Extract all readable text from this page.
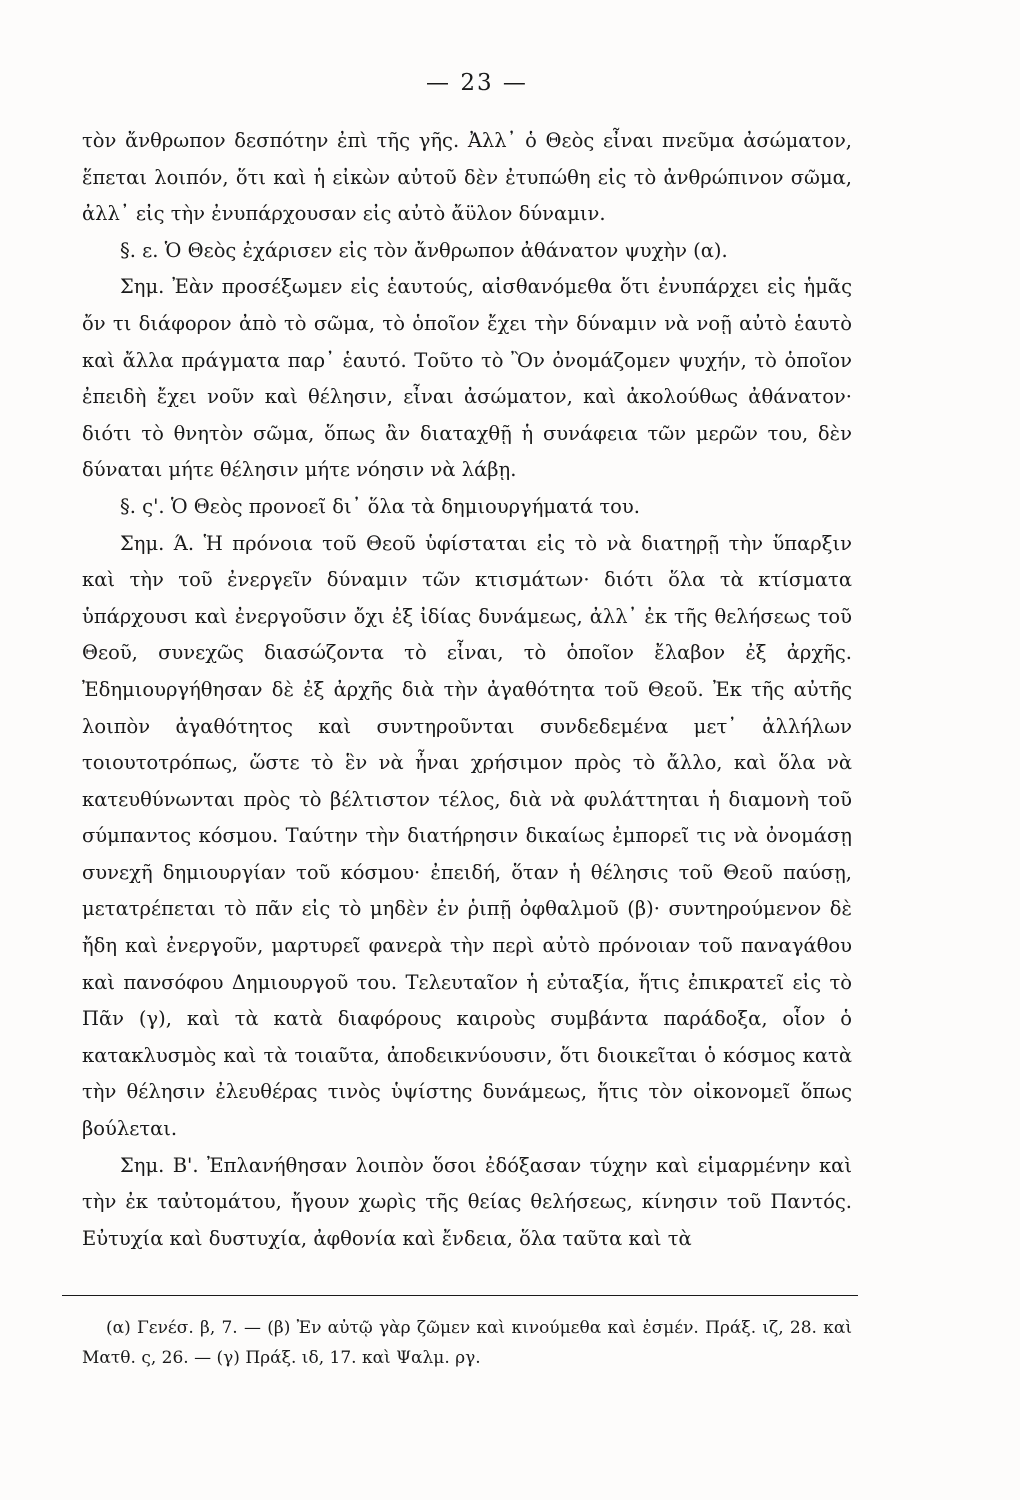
— 23 —

τὸν ἄνθρωπον δεσπότην ἐπὶ τῆς γῆς. Ἀλλ᾽ ὁ Θεὸς εἶναι πνεῦμα ἀσώματον, ἕπεται λοιπόν, ὅτι καὶ ἡ εἰκὼν αὐτοῦ δὲν ἐτυπώθη εἰς τὸ ἀνθρώπινον σῶμα, ἀλλ᾽ εἰς τὴν ἐνυπάρχουσαν εἰς αὐτὸ ἄϋλον δύναμιν.

§. ε. Ὁ Θεὸς ἐχάρισεν εἰς τὸν ἄνθρωπον ἀθάνατον ψυχὴν (α).

Σημ. Ἐὰν προσέξωμεν εἰς ἑαυτούς, αἰσθανόμεθα ὅτι ἐνυπάρχει εἰς ἡμᾶς ὄν τι διάφορον ἀπὸ τὸ σῶμα, τὸ ὁποῖον ἔχει τὴν δύναμιν νὰ νοῇ αὐτὸ ἑαυτὸ καὶ ἄλλα πράγματα παρ᾽ ἑαυτό. Τοῦτο τὸ Ὂν ὀνομάζομεν ψυχήν, τὸ ὁποῖον ἐπειδὴ ἔχει νοῦν καὶ θέλησιν, εἶναι ἀσώματον, καὶ ἀκολούθως ἀθάνατον· διότι τὸ θνητὸν σῶμα, ὅπως ἂν διαταχθῇ ἡ συνάφεια τῶν μερῶν του, δὲν δύναται μήτε θέλησιν μήτε νόησιν νὰ λάβῃ.

§. ς'. Ὁ Θεὸς προνοεῖ δι᾽ ὅλα τὰ δημιουργήματά του.

Σημ. Ά. Ἡ πρόνοια τοῦ Θεοῦ ὑφίσταται εἰς τὸ νὰ διατηρῇ τὴν ὕπαρξιν καὶ τὴν τοῦ ἐνεργεῖν δύναμιν τῶν κτισμάτων· διότι ὅλα τὰ κτίσματα ὑπάρχουσι καὶ ἐνεργοῦσιν ὄχι ἐξ ἰδίας δυνάμεως, ἀλλ᾽ ἐκ τῆς θελήσεως τοῦ Θεοῦ, συνεχῶς διασώζοντα τὸ εἶναι, τὸ ὁποῖον ἔλαβον ἐξ ἀρχῆς. Ἐδημιουργήθησαν δὲ ἐξ ἀρχῆς διὰ τὴν ἀγαθότητα τοῦ Θεοῦ. Ἐκ τῆς αὐτῆς λοιπὸν ἀγαθότητος καὶ συντηροῦνται συνδεδεμένα μετ᾽ ἀλλήλων τοιουτοτρόπως, ὥστε τὸ ἓν νὰ ἦναι χρήσιμον πρὸς τὸ ἄλλο, καὶ ὅλα νὰ κατευθύνωνται πρὸς τὸ βέλτιστον τέλος, διὰ νὰ φυλάττηται ἡ διαμονὴ τοῦ σύμπαντος κόσμου. Ταύτην τὴν διατήρησιν δικαίως ἐμπορεῖ τις νὰ ὀνομάσῃ συνεχῆ δημιουργίαν τοῦ κόσμου· ἐπειδή, ὅταν ἡ θέλησις τοῦ Θεοῦ παύσῃ, μετατρέπεται τὸ πᾶν εἰς τὸ μηδὲν ἐν ῥιπῇ ὀφθαλμοῦ (β)· συντηρούμενον δὲ ἤδη καὶ ἐνεργοῦν, μαρτυρεῖ φανερὰ τὴν περὶ αὐτὸ πρόνοιαν τοῦ παναγάθου καὶ πανσόφου Δημιουργοῦ του. Τελευταῖον ἡ εὐταξία, ἥτις ἐπικρατεῖ εἰς τὸ Πᾶν (γ), καὶ τὰ κατὰ διαφόρους καιροὺς συμβάντα παράδοξα, οἷον ὁ κατακλυσμὸς καὶ τὰ τοιαῦτα, ἀποδεικνύουσιν, ὅτι διοικεῖται ὁ κόσμος κατὰ τὴν θέλησιν ἐλευθέρας τινὸς ὑψίστης δυνάμεως, ἥτις τὸν οἰκονομεῖ ὅπως βούλεται.

Σημ. Β'. Ἐπλανήθησαν λοιπὸν ὅσοι ἐδόξασαν τύχην καὶ εἱμαρμένην καὶ τὴν ἐκ ταὐτομάτου, ἤγουν χωρὶς τῆς θείας θελήσεως, κίνησιν τοῦ Παντός. Εὐτυχία καὶ δυστυχία, ἀφθονία καὶ ἔνδεια, ὅλα ταῦτα καὶ τὰ

(α) Γενέσ. β, 7. — (β) Ἐν αὐτῷ γὰρ ζῶμεν καὶ κινούμεθα καὶ ἐσμέν. Πράξ. ιζ, 28. καὶ Ματθ. ς, 26. — (γ) Πράξ. ιδ, 17. καὶ Ψαλμ. ργ.
